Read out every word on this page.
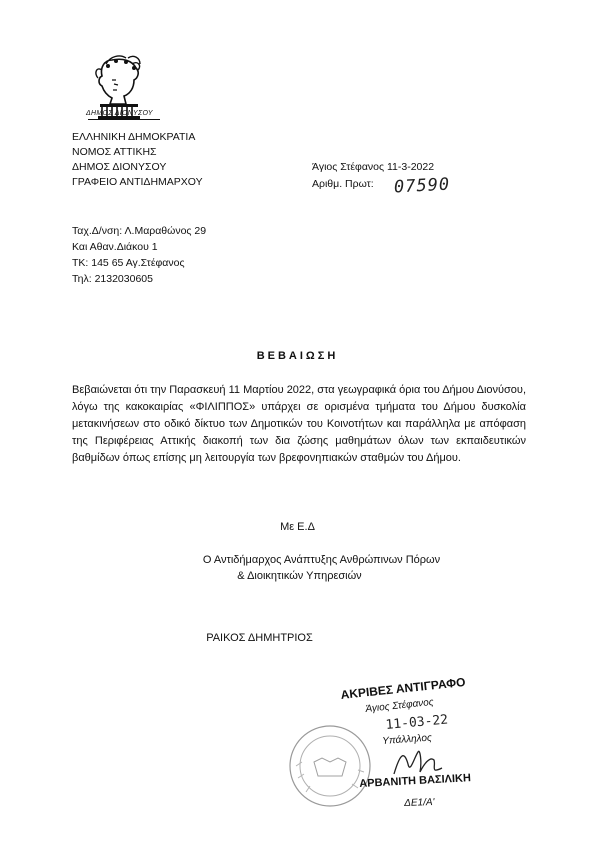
ΔΗΜΟΣ ΔΙΟΝΥΣΟΥ
ΕΛΛΗΝΙΚΗ ΔΗΜΟΚΡΑΤΙΑ
ΝΟΜΟΣ ΑΤΤΙΚΗΣ
ΔΗΜΟΣ ΔΙΟΝΥΣΟΥ
ΓΡΑΦΕΙΟ ΑΝΤΙΔΗΜΑΡΧΟΥ
Άγιος Στέφανος 11-3-2022
Αριθμ. Πρωτ: 07590
Ταχ.Δ/νση: Λ.Μαραθώνος 29
Και Αθαν.Διάκου 1
ΤΚ: 145 65 Αγ.Στέφανος
Τηλ: 2132030605
ΒΕΒΑΙΩΣΗ
Βεβαιώνεται ότι την Παρασκευή 11 Μαρτίου 2022, στα γεωγραφικά όρια του Δήμου Διονύσου, λόγω της κακοκαιρίας «ΦΙΛΙΠΠΟΣ» υπάρχει σε ορισμένα τμήματα του Δήμου δυσκολία μετακινήσεων στο οδικό δίκτυο των Δημοτικών του Κοινοτήτων και παράλληλα με απόφαση της Περιφέρειας Αττικής διακοπή των δια ζώσης μαθημάτων όλων των εκπαιδευτικών βαθμίδων όπως επίσης μη λειτουργία των βρεφονηπιακών σταθμών του Δήμου.
Με Ε.Δ
Ο Αντιδήμαρχος Ανάπτυξης Ανθρώπινων Πόρων
& Διοικητικών Υπηρεσιών
ΡΑΙΚΟΣ ΔΗΜΗΤΡΙΟΣ
ΑΚΡΙΒΕΣ ΑΝΤΙΓΡΑΦΟ
Άγιος Στέφανος
11-03-22
Υπάλληλος
ΑΡΒΑΝΙΤΗ ΒΑΣΙΛΙΚΗ
ΔΕ1/Α'
